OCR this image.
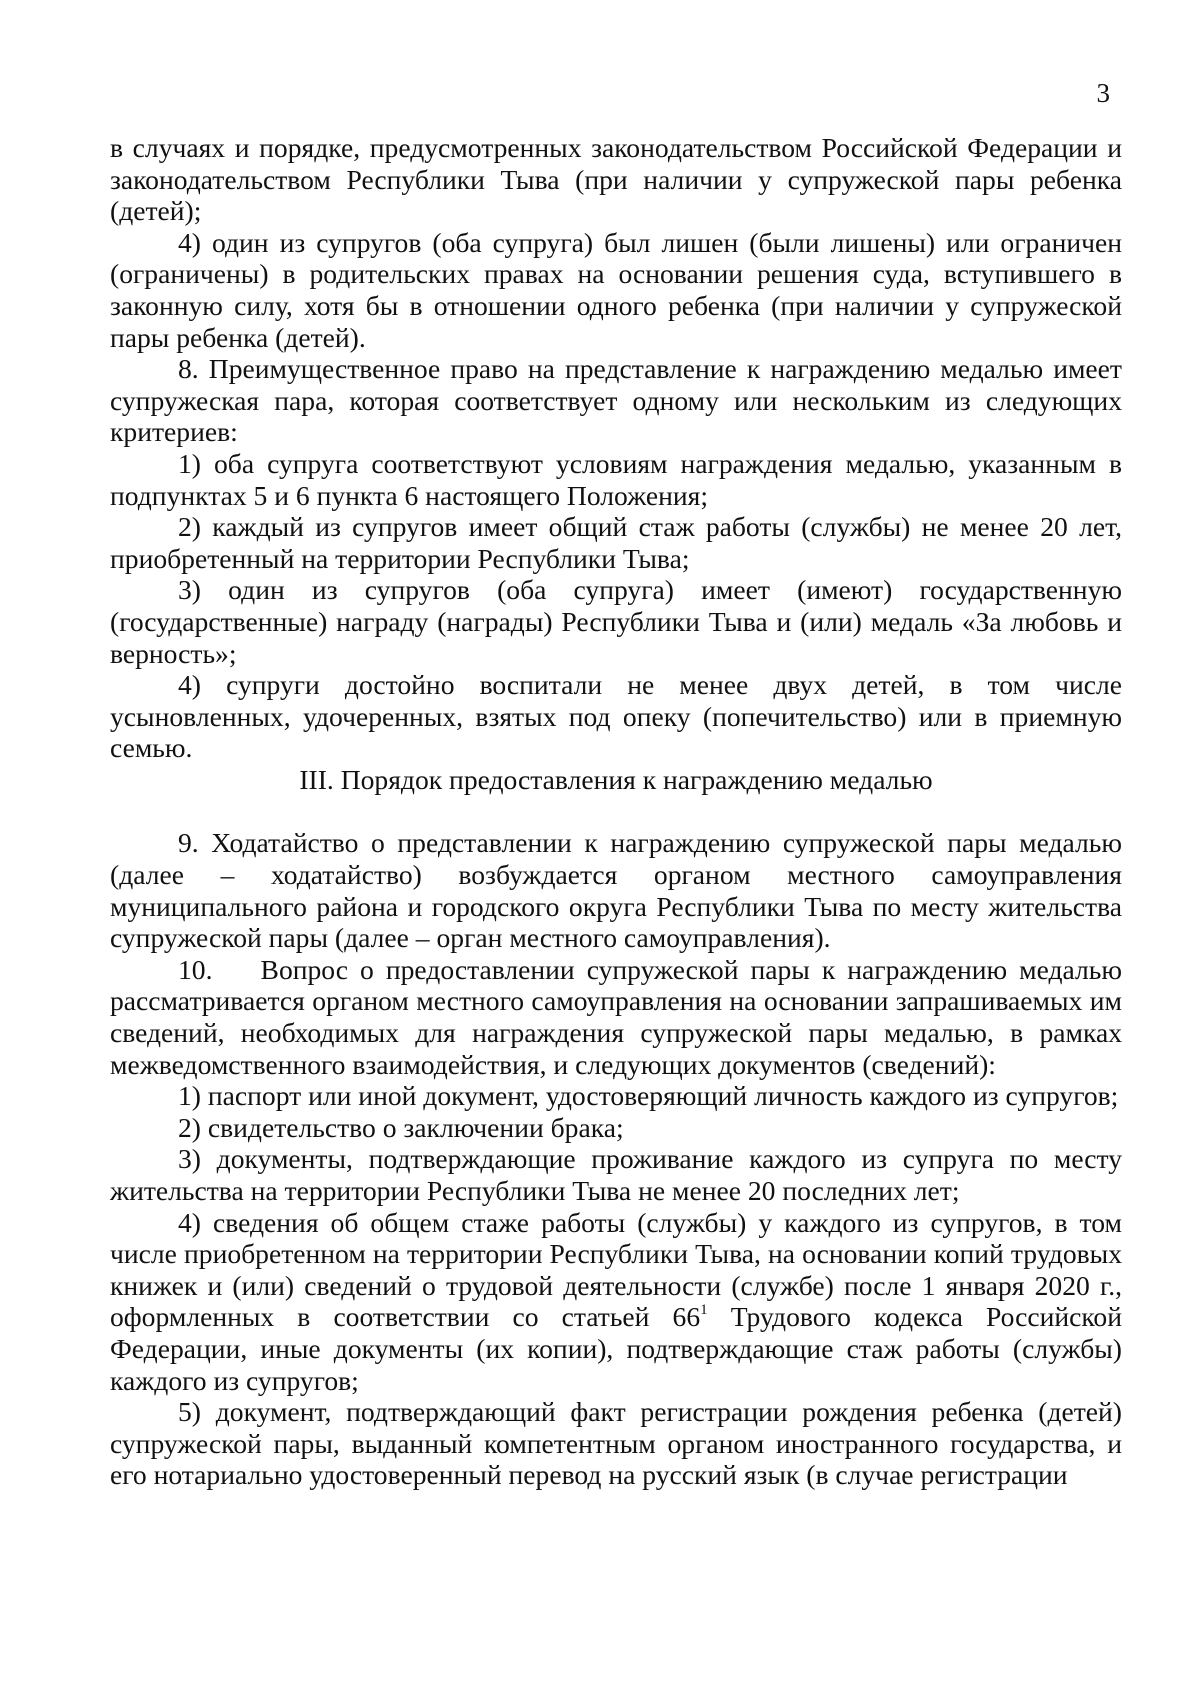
3

в случаях и порядке, предусмотренных законодательством Российской Федерации и законодательством Республики Тыва (при наличии у супружеской пары ребенка (детей);

4) один из супругов (оба супруга) был лишен (были лишены) или ограничен (ограничены) в родительских правах на основании решения суда, вступившего в законную силу, хотя бы в отношении одного ребенка (при наличии у супружеской пары ребенка (детей).

8. Преимущественное право на представление к награждению медалью имеет супружеская пара, которая соответствует одному или нескольким из следующих критериев:

1) оба супруга соответствуют условиям награждения медалью, указанным в подпунктах 5 и 6 пункта 6 настоящего Положения;

2) каждый из супругов имеет общий стаж работы (службы) не менее 20 лет, приобретенный на территории Республики Тыва;

3) один из супругов (оба супруга) имеет (имеют) государственную (государственные) награду (награды) Республики Тыва и (или) медаль «За любовь и верность»;

4) супруги достойно воспитали не менее двух детей, в том числе усыновленных, удочеренных, взятых под опеку (попечительство) или в приемную семью.

III. Порядок предоставления к награждению медалью

9. Ходатайство о представлении к награждению супружеской пары медалью (далее – ходатайство) возбуждается органом местного самоуправления муниципального района и городского округа Республики Тыва по месту жительства супружеской пары (далее – орган местного самоуправления).

10.    Вопрос о предоставлении супружеской пары к награждению медалью рассматривается органом местного самоуправления на основании запрашиваемых им сведений, необходимых для награждения супружеской пары медалью, в рамках межведомственного взаимодействия, и следующих документов (сведений):

1) паспорт или иной документ, удостоверяющий личность каждого из супругов;

2) свидетельство о заключении брака;

3) документы, подтверждающие проживание каждого из супруга по месту жительства на территории Республики Тыва не менее 20 последних лет;

4) сведения об общем стаже работы (службы) у каждого из супругов, в том числе приобретенном на территории Республики Тыва, на основании копий трудовых книжек и (или) сведений о трудовой деятельности (службе) после 1 января 2020 г., оформленных в соответствии со статьей $66^1$ Трудового кодекса Российской Федерации, иные документы (их копии), подтверждающие стаж работы (службы) каждого из супругов;

5) документ, подтверждающий факт регистрации рождения ребенка (детей) супружеской пары, выданный компетентным органом иностранного государства, и его нотариально удостоверенный перевод на русский язык (в случае регистрации
